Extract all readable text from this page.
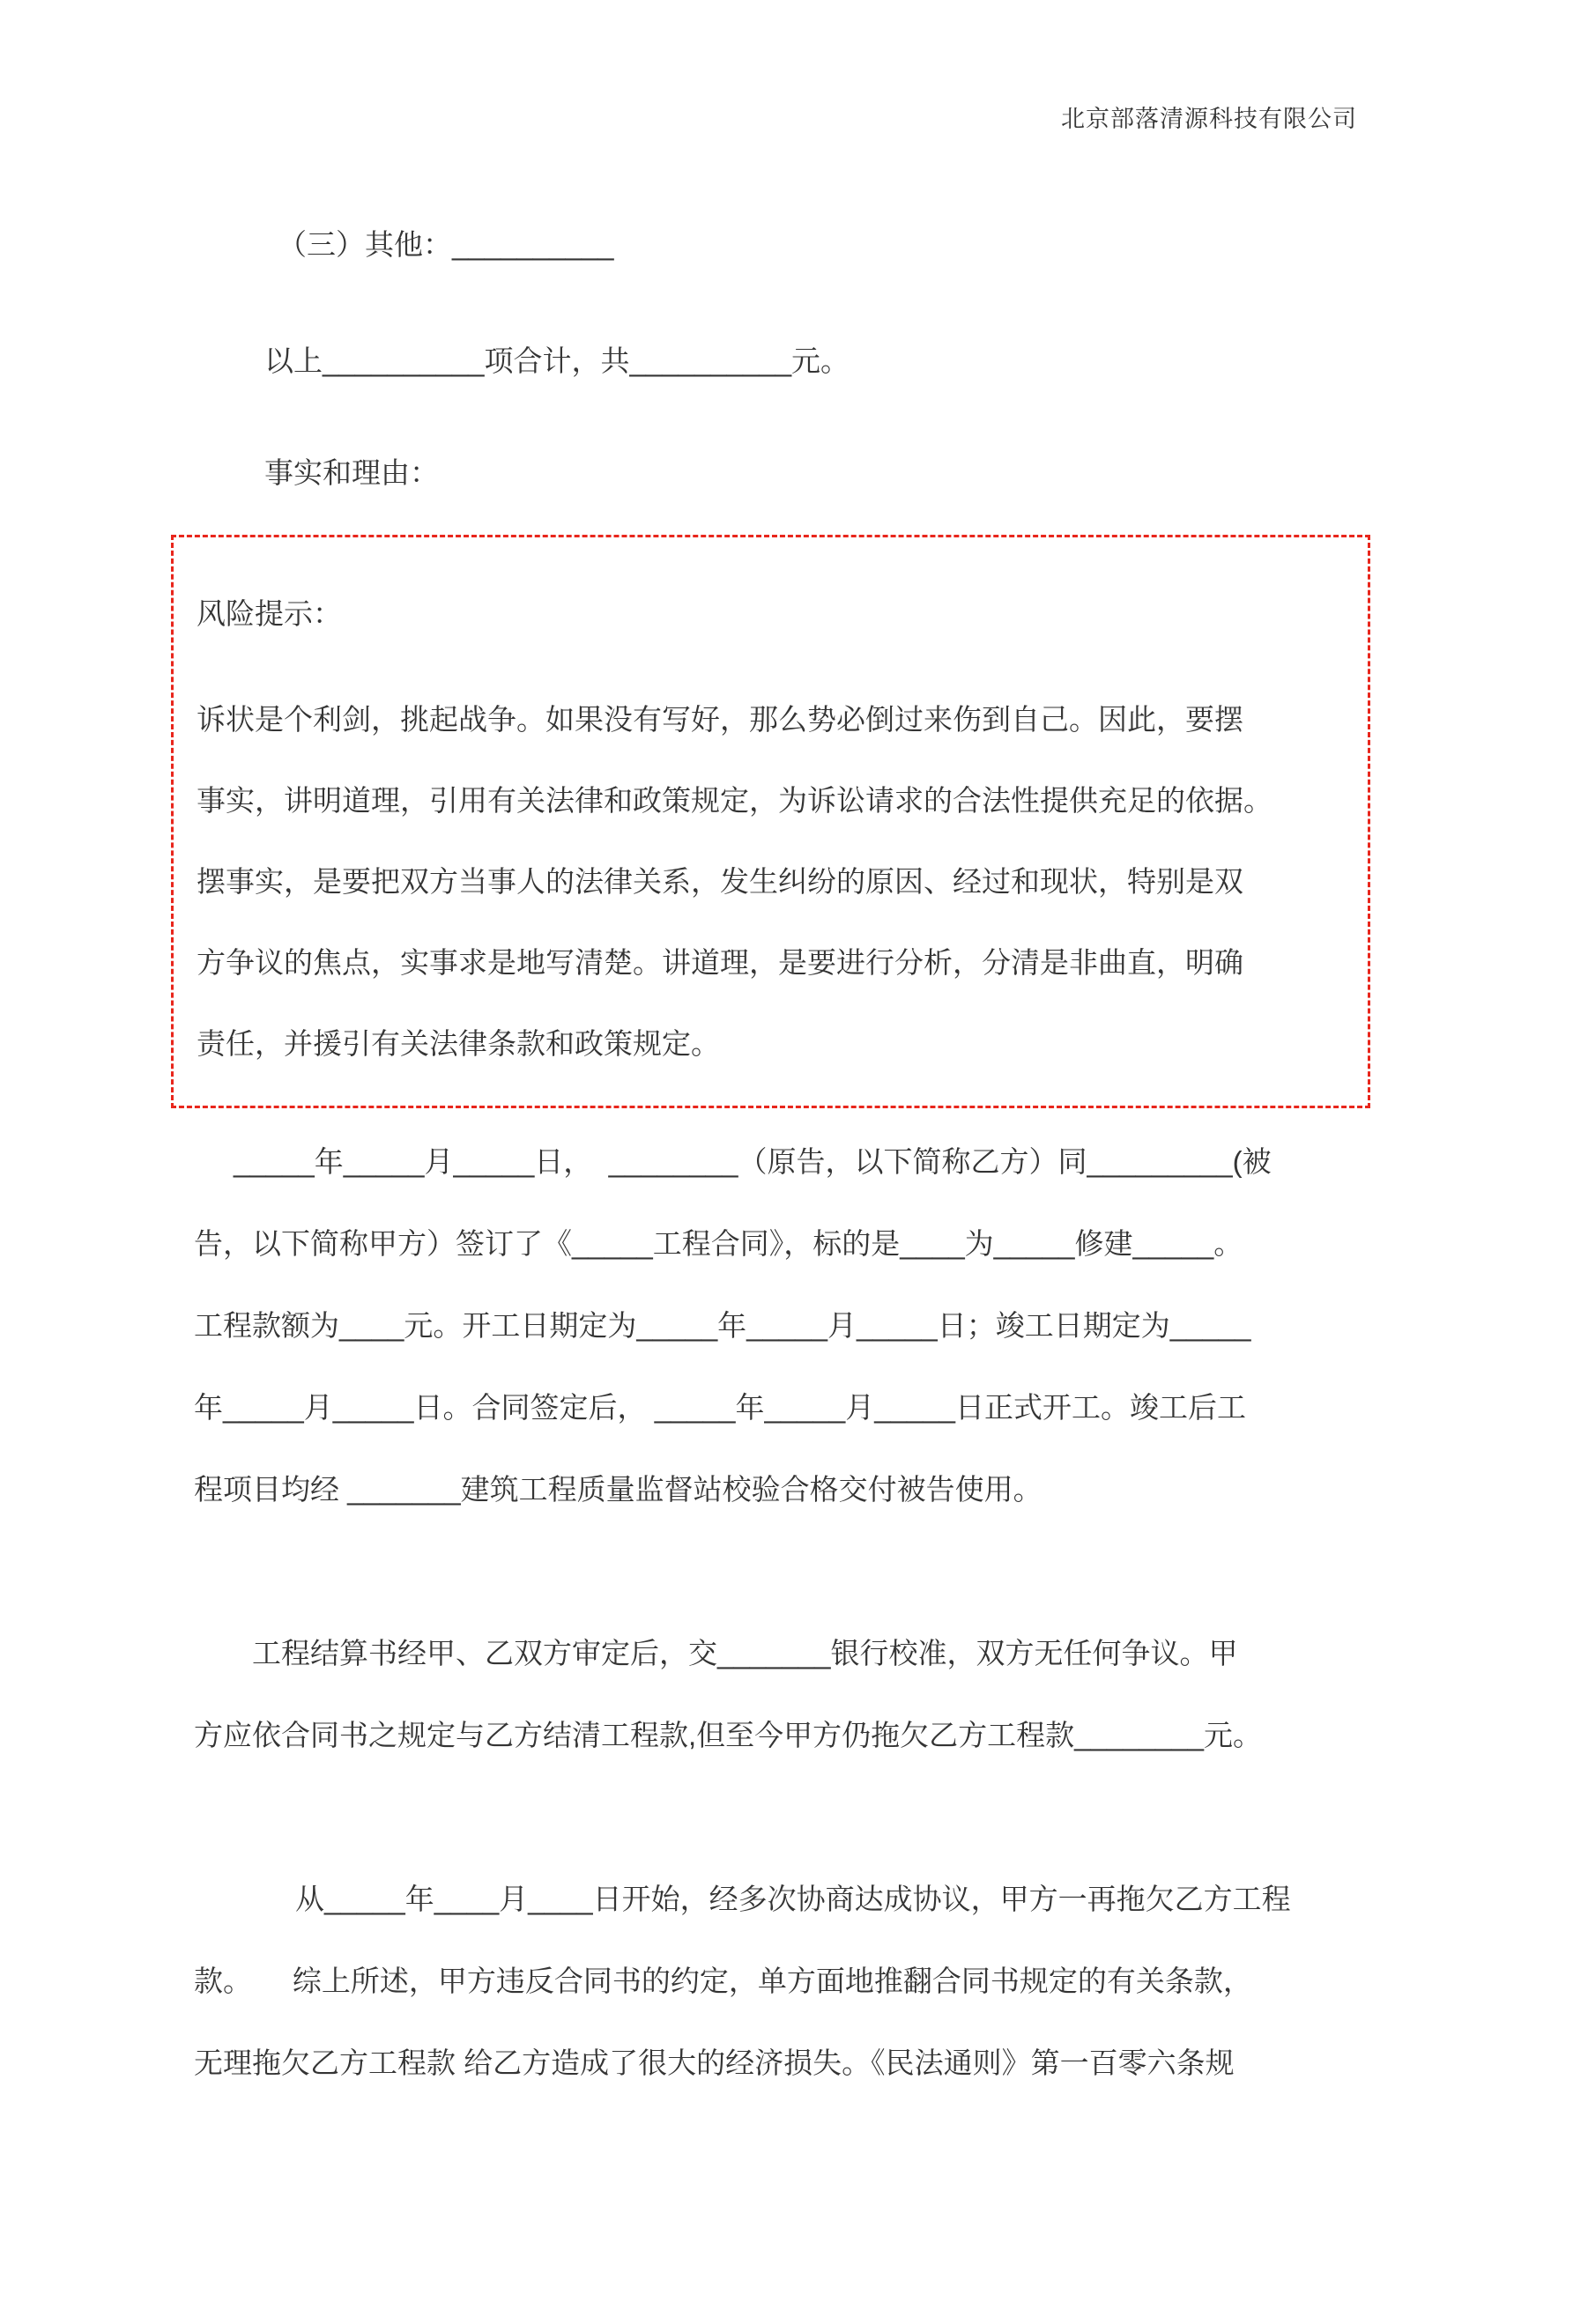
北京部落清源科技有限公司
（三）其他：__________
以上__________项合计，共__________元。
事实和理由：
风险提示：
诉状是个利剑，挑起战争。如果没有写好，那么势必倒过来伤到自己。因此，要摆
事实，讲明道理，引用有关法律和政策规定，为诉讼请求的合法性提供充足的依据。
摆事实，是要把双方当事人的法律关系，发生纠纷的原因、经过和现状，特别是双
方争议的焦点，实事求是地写清楚。讲道理，是要进行分析，分清是非曲直，明确
责任，并援引有关法律条款和政策规定。
_____年_____月_____日，  ________（原告，以下简称乙方）同_________(被
告，以下简称甲方）签订了《_____工程合同》，标的是____为_____修建_____。
工程款额为____元。开工日期定为_____年_____月_____日；竣工日期定为_____
年_____月_____日。合同签定后， _____年_____月_____日正式开工。竣工后工
程项目均经 _______建筑工程质量监督站校验合格交付被告使用。
工程结算书经甲、乙双方审定后，交_______银行校准，双方无任何争议。甲
方应依合同书之规定与乙方结清工程款,但至今甲方仍拖欠乙方工程款________元。
从_____年____月____日开始，经多次协商达成协议，甲方一再拖欠乙方工程
款。     综上所述，甲方违反合同书的约定，单方面地推翻合同书规定的有关条款，
无理拖欠乙方工程款 给乙方造成了很大的经济损失。《民法通则》第一百零六条规
